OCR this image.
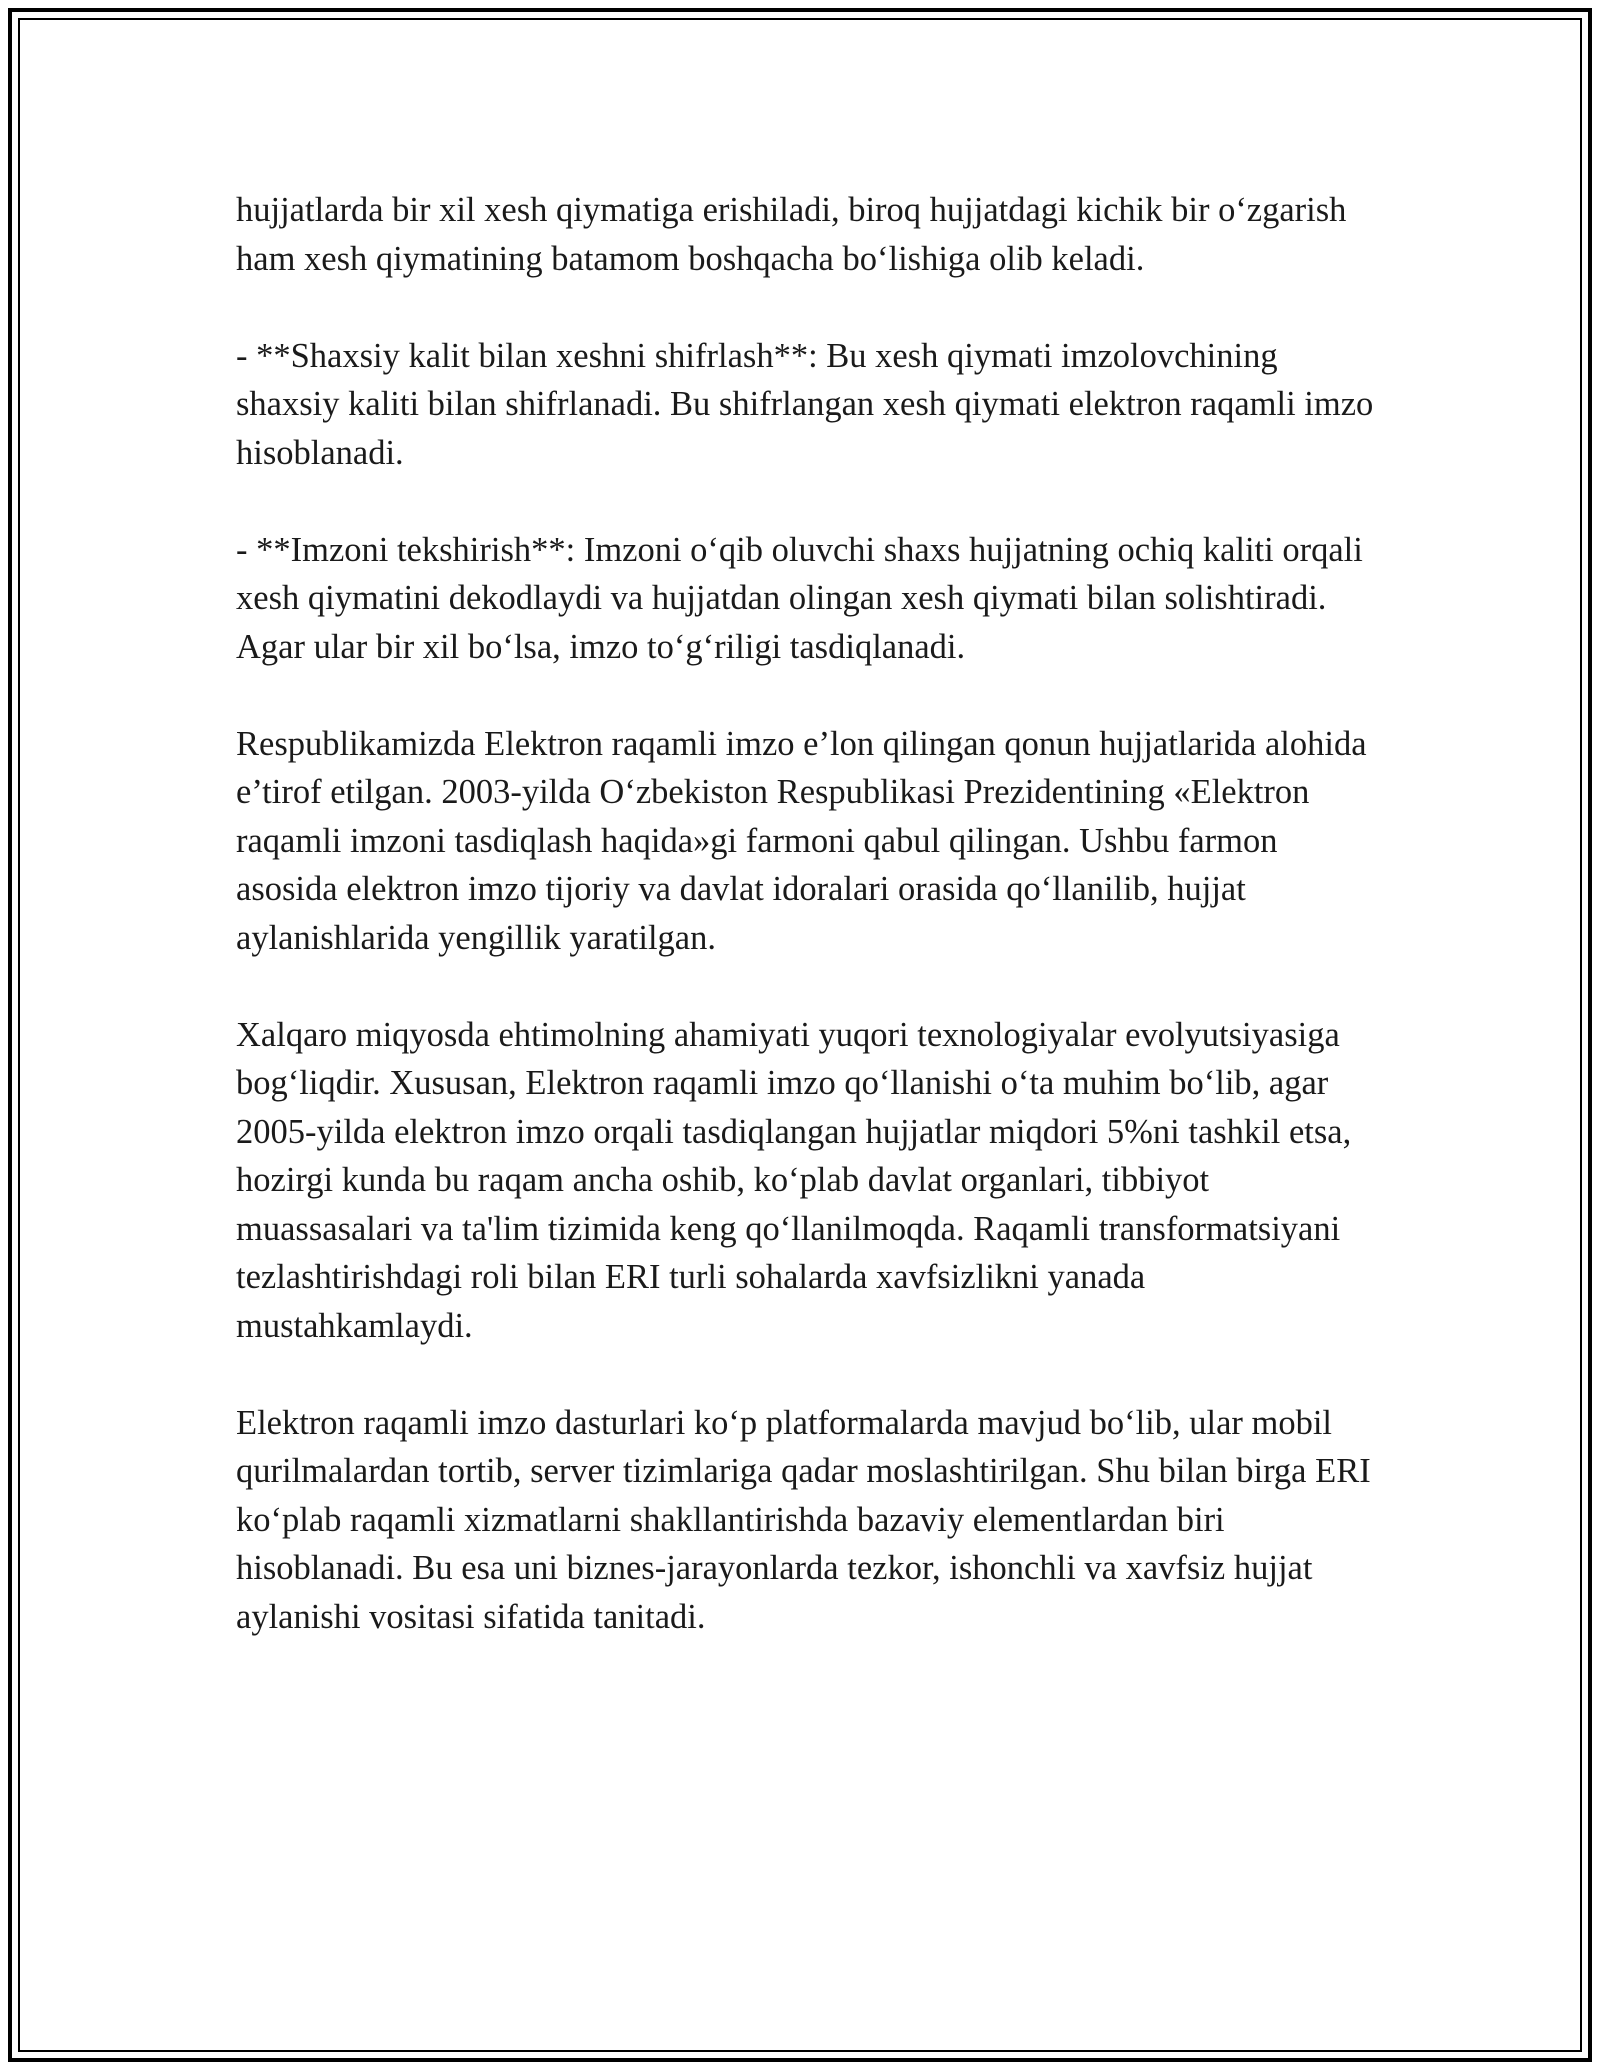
hujjatlarda bir xil xesh qiymatiga erishiladi, biroq hujjatdagi kichik bir o‘zgarish ham xesh qiymatining batamom boshqacha bo‘lishiga olib keladi.

- **Shaxsiy kalit bilan xeshni shifrlash**: Bu xesh qiymati imzolovchining shaxsiy kaliti bilan shifrlanadi. Bu shifrlangan xesh qiymati elektron raqamli imzo hisoblanadi.

- **Imzoni tekshirish**: Imzoni o‘qib oluvchi shaxs hujjatning ochiq kaliti orqali xesh qiymatini dekodlaydi va hujjatdan olingan xesh qiymati bilan solishtiradi. Agar ular bir xil bo‘lsa, imzo to‘g‘riligi tasdiqlanadi.

Respublikamizda Elektron raqamli imzo e’lon qilingan qonun hujjatlarida alohida e’tirof etilgan. 2003-yilda O‘zbekiston Respublikasi Prezidentining «Elektron raqamli imzoni tasdiqlash haqida»gi farmoni qabul qilingan. Ushbu farmon asosida elektron imzo tijoriy va davlat idoralari orasida qo‘llanilib, hujjat aylanishlarida yengillik yaratilgan.

Xalqaro miqyosda ehtimolning ahamiyati yuqori texnologiyalar evolyutsiyasiga bog‘liqdir. Xususan, Elektron raqamli imzo qo‘llanishi o‘ta muhim bo‘lib, agar 2005-yilda elektron imzo orqali tasdiqlangan hujjatlar miqdori 5%ni tashkil etsa, hozirgi kunda bu raqam ancha oshib, ko‘plab davlat organlari, tibbiyot muassasalari va ta'lim tizimida keng qo‘llanilmoqda. Raqamli transformatsiyani tezlashtirishdagi roli bilan ERI turli sohalarda xavfsizlikni yanada mustahkamlaydi.

Elektron raqamli imzo dasturlari ko‘p platformalarda mavjud bo‘lib, ular mobil qurilmalardan tortib, server tizimlariga qadar moslashtirilgan. Shu bilan birga ERI ko‘plab raqamli xizmatlarni shakllantirishda bazaviy elementlardan biri hisoblanadi. Bu esa uni biznes-jarayonlarda tezkor, ishonchli va xavfsiz hujjat aylanishi vositasi sifatida tanitadi.
